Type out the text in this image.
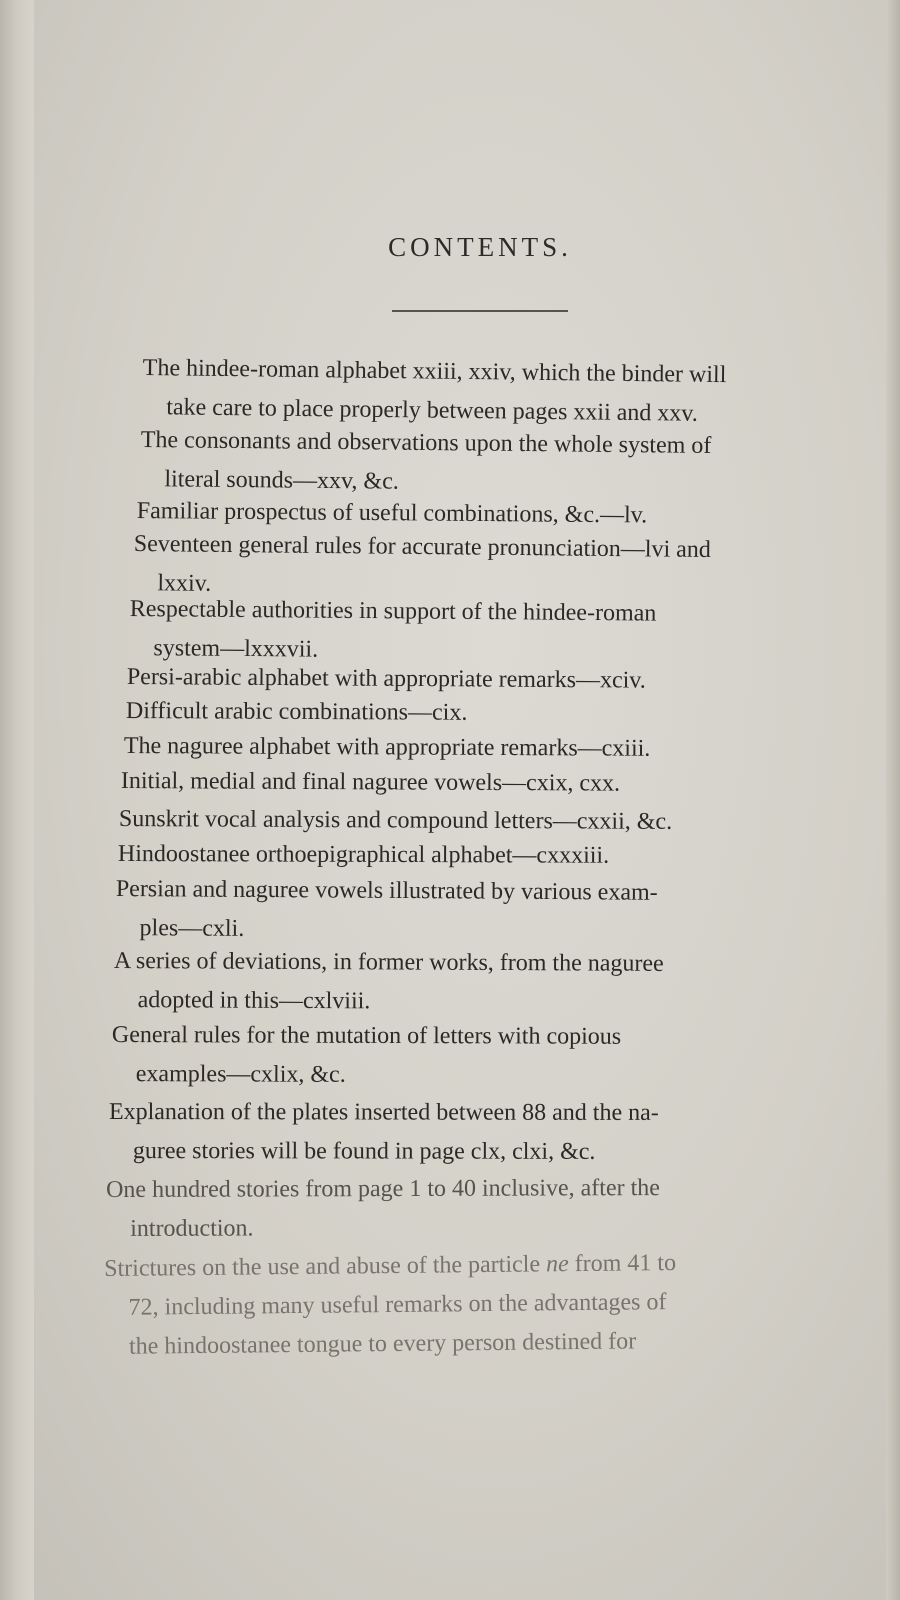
CONTENTS.
The hindee-roman alphabet xxiii, xxiv, which the binder will
take care to place properly between pages xxii and xxv.
The consonants and observations upon the whole system of
literal sounds—xxv, &c.
Familiar prospectus of useful combinations, &c.—lv.
Seventeen general rules for accurate pronunciation—lvi and
lxxiv.
Respectable authorities in support of the hindee-roman
system—lxxxvii.
Persi-arabic alphabet with appropriate remarks—xciv.
Difficult arabic combinations—cix.
The naguree alphabet with appropriate remarks—cxiii.
Initial, medial and final naguree vowels—cxix, cxx.
Sunskrit vocal analysis and compound letters—cxxii, &c.
Hindoostanee orthoepigraphical alphabet—cxxxiii.
Persian and naguree vowels illustrated by various exam-
ples—cxli.
A series of deviations, in former works, from the naguree
adopted in this—cxlviii.
General rules for the mutation of letters with copious
examples—cxlix, &c.
Explanation of the plates inserted between 88 and the na-
guree stories will be found in page clx, clxi, &c.
One hundred stories from page 1 to 40 inclusive, after the
introduction.
Strictures on the use and abuse of the particle ne from 41 to
72, including many useful remarks on the advantages of
the hindoostanee tongue to every person destined for
